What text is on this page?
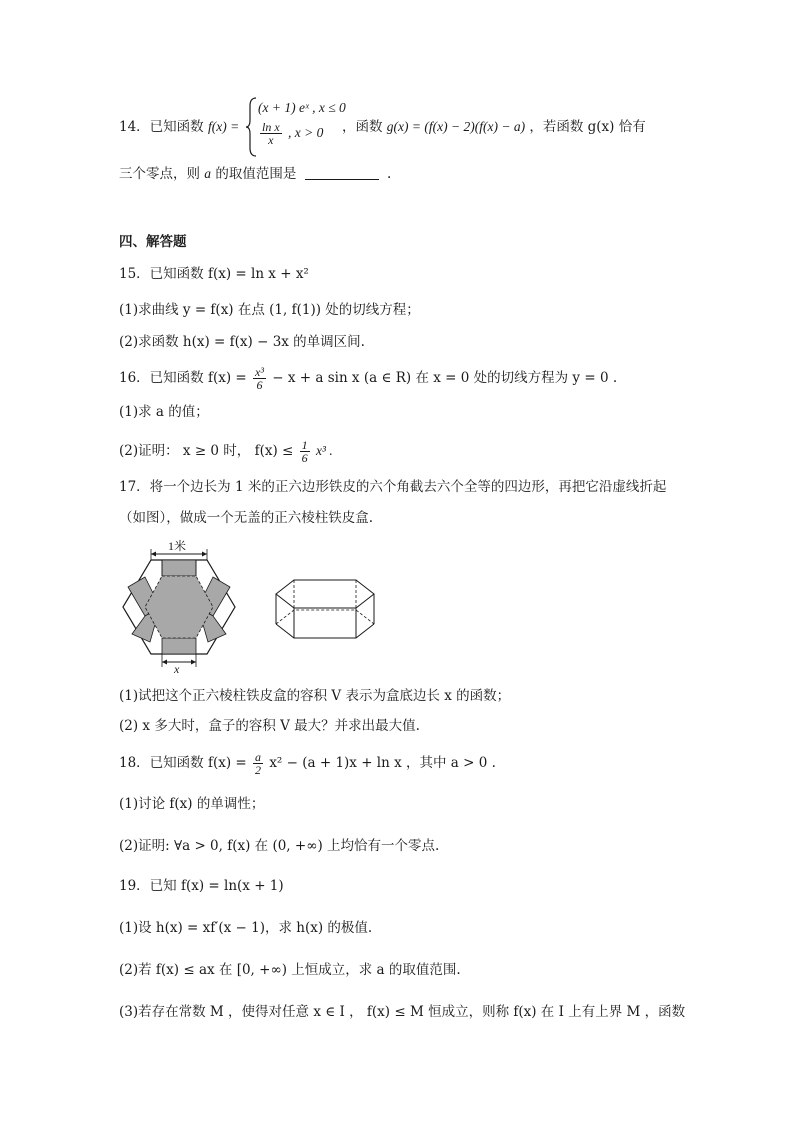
14．已知函数 f(x) =
(x + 1) eˣ , x ≤ 0
$\frac{\text{ln x}}{x}$ , x > 0 ，函数 g(x) = (f(x) − 2)(f(x) − a) ，若函数 g(x) 恰有
三个零点，则 a 的取值范围是	.
四、解答题
15．已知函数 f(x) = ln x + x²
(1)求曲线 y = f(x) 在点 (1, f(1)) 处的切线方程；
(2)求函数 h(x) = f(x) − 3x 的单调区间.
16．已知函数 $f(x) = \frac{\text{x³}}{6} - x + a$ sin x (a ∈ R) 在 x = 0 处的切线方程为 y = 0 .
(1)求 a 的值；
(2)证明： x ≥ 0 时， $f(x) \le \frac{1}{6} x^3$ .
17．将一个边长为 1 米的正六边形铁皮的六个角截去六个全等的四边形，再把它沿虚线折起
（如图），做成一个无盖的正六棱柱铁皮盒.
1米
x
(1)试把这个正六棱柱铁皮盒的容积 V 表示为盒底边长 x 的函数；
(2) x 多大时，盒子的容积 V 最大？并求出最大值.
18．已知函数 $f(x) = \frac{a}{2} x^2 - (a + 1)x + \ln x$ ，其中 a > 0 .
(1)讨论 f(x) 的单调性；
(2)证明: ∀a > 0, f(x) 在 (0, +∞) 上均恰有一个零点.
19．已知 f(x) = ln(x + 1)
(1)设 h(x) = xf′(x − 1)，求 h(x) 的极值.
(2)若 f(x) ≤ ax 在 [0, +∞) 上恒成立，求 a 的取值范围.
(3)若存在常数 M ，使得对任意 x ∈ I ， f(x) ≤ M 恒成立，则称 f(x) 在 I 上有上界 M ，函数
